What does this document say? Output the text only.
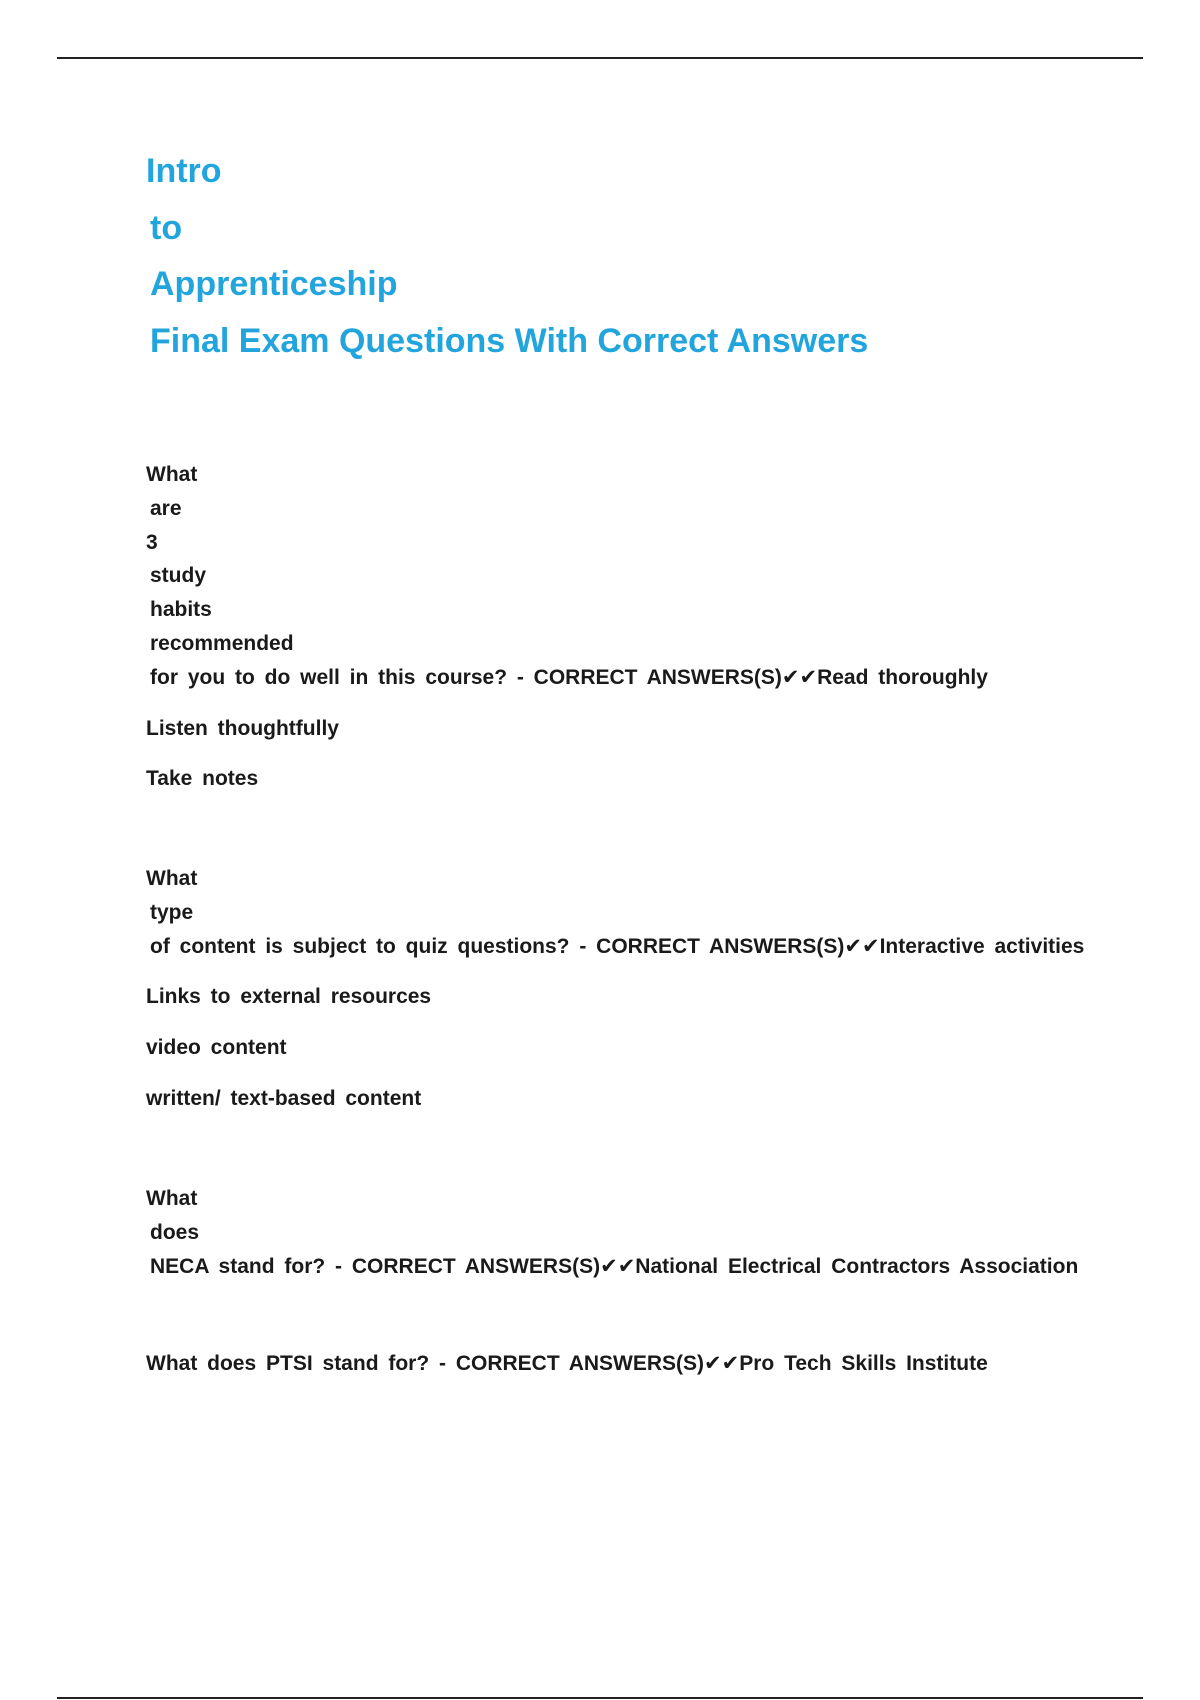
Intro
to
Apprenticeship
Final Exam Questions With Correct Answers
What
are
3
study
habits
recommended
for you to do well in this course? - CORRECT ANSWERS(S)✔✔Read thoroughly
Listen thoughtfully
Take notes
What
type
of content is subject to quiz questions? - CORRECT ANSWERS(S)✔✔Interactive activities
Links to external resources
video content
written/ text-based content
What
does
NECA stand for? - CORRECT ANSWERS(S)✔✔National Electrical Contractors Association
What does PTSI stand for? - CORRECT ANSWERS(S)✔✔Pro Tech Skills Institute
